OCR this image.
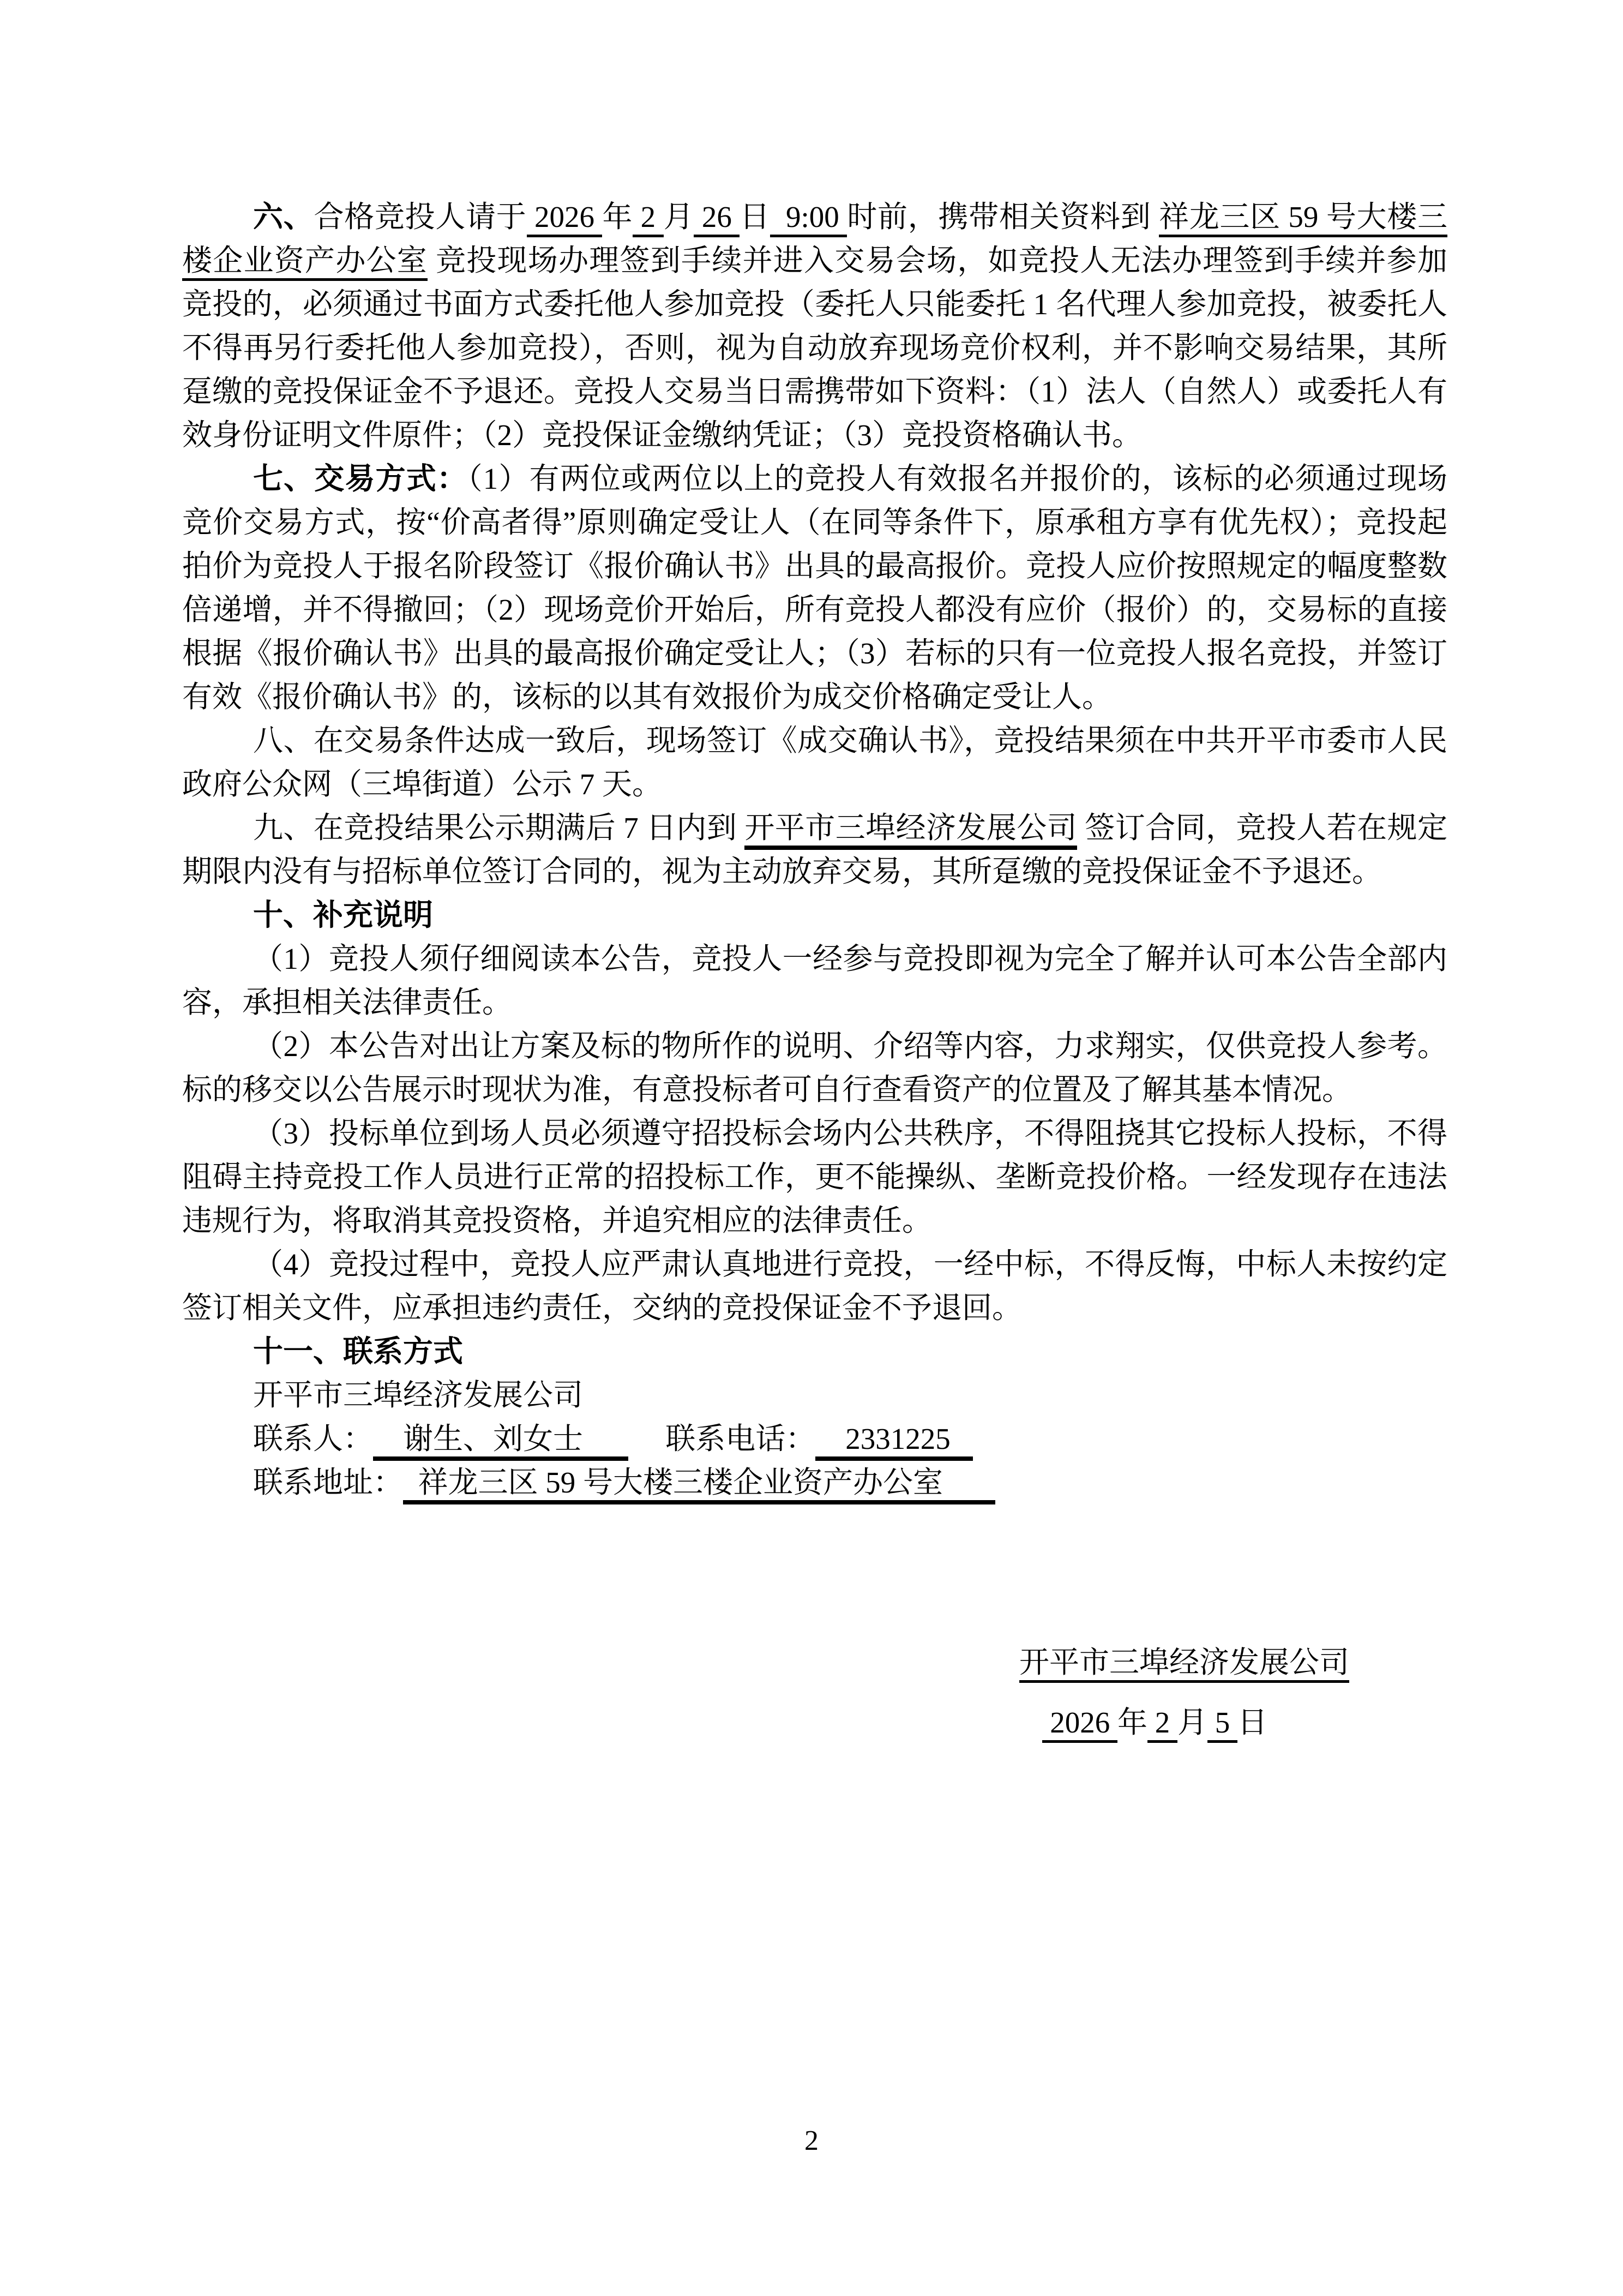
六、合格竞投人请于 2026 年 2 月 26 日  9:00 时前，携带相关资料到 祥龙三区 59 号大楼三楼企业资产办公室 竞投现场办理签到手续并进入交易会场，如竞投人无法办理签到手续并参加竞投的，必须通过书面方式委托他人参加竞投（委托人只能委托 1 名代理人参加竞投，被委托人不得再另行委托他人参加竞投），否则，视为自动放弃现场竞价权利，并不影响交易结果，其所趸缴的竞投保证金不予退还。竞投人交易当日需携带如下资料：（1）法人（自然人）或委托人有效身份证明文件原件；（2）竞投保证金缴纳凭证；（3）竞投资格确认书。

七、交易方式：（1）有两位或两位以上的竞投人有效报名并报价的，该标的必须通过现场竞价交易方式，按“价高者得”原则确定受让人（在同等条件下，原承租方享有优先权）；竞投起拍价为竞投人于报名阶段签订《报价确认书》出具的最高报价。竞投人应价按照规定的幅度整数倍递增，并不得撤回；（2）现场竞价开始后，所有竞投人都没有应价（报价）的，交易标的直接根据《报价确认书》出具的最高报价确定受让人；（3）若标的只有一位竞投人报名竞投，并签订有效《报价确认书》的，该标的以其有效报价为成交价格确定受让人。

八、在交易条件达成一致后，现场签订《成交确认书》，竞投结果须在中共开平市委市人民政府公众网（三埠街道）公示 7 天。

九、在竞投结果公示期满后 7 日内到 开平市三埠经济发展公司 签订合同，竞投人若在规定期限内没有与招标单位签订合同的，视为主动放弃交易，其所趸缴的竞投保证金不予退还。

十、补充说明

（1）竞投人须仔细阅读本公告，竞投人一经参与竞投即视为完全了解并认可本公告全部内容，承担相关法律责任。

（2）本公告对出让方案及标的物所作的说明、介绍等内容，力求翔实，仅供竞投人参考。标的移交以公告展示时现状为准，有意投标者可自行查看资产的位置及了解其基本情况。

（3）投标单位到场人员必须遵守招投标会场内公共秩序，不得阻挠其它投标人投标，不得阻碍主持竞投工作人员进行正常的招投标工作，更不能操纵、垄断竞投价格。一经发现存在违法违规行为，将取消其竞投资格，并追究相应的法律责任。

（4）竞投过程中，竞投人应严肃认真地进行竞投，一经中标，不得反悔，中标人未按约定签订相关文件，应承担违约责任，交纳的竞投保证金不予退回。

十一、联系方式

开平市三埠经济发展公司

联系人：    谢生、刘女士           联系电话：    2331225

联系地址：  祥龙三区 59 号大楼三楼企业资产办公室

开平市三埠经济发展公司

2026 年 2 月 5 日

2
